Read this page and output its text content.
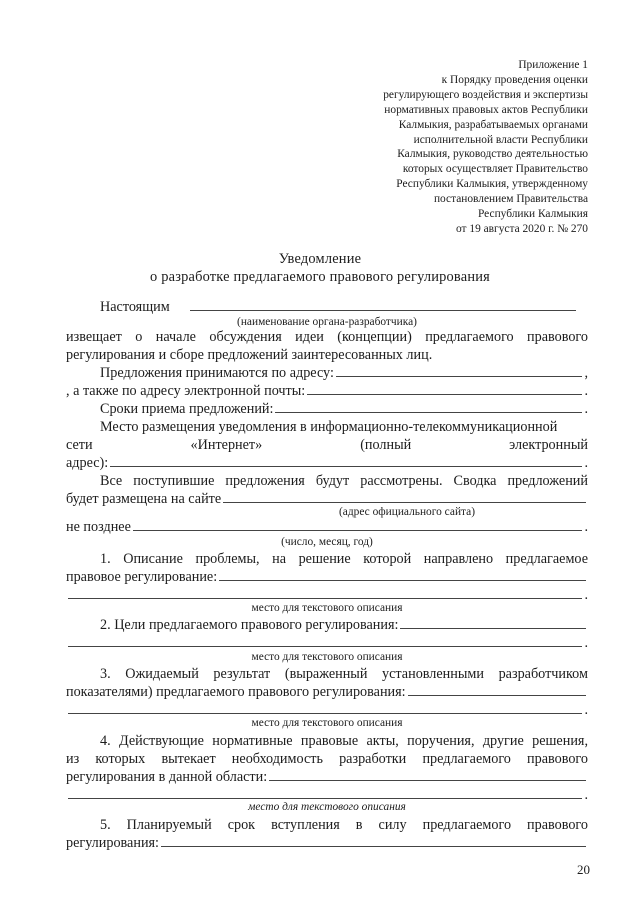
Приложение 1
к Порядку проведения оценки
регулирующего воздействия и экспертизы
нормативных правовых актов Республики
Калмыкия, разрабатываемых органами
исполнительной власти Республики
Калмыкия, руководство деятельностью
которых осуществляет Правительство
Республики Калмыкия, утвержденному
постановлением Правительства
Республики Калмыкия
от 19 августа 2020 г. № 270
Уведомление
о разработке предлагаемого правового регулирования
Настоящим
(наименование органа-разработчика)
извещает о начале обсуждения идеи (концепции) предлагаемого правового
регулирования и сборе предложений заинтересованных лиц.
Предложения принимаются по адресу:	,
, а также по адресу электронной почты:	.
Сроки приема предложений:	.
Место размещения уведомления в информационно-телекоммуникационной
сети	«Интернет»	(полный	электронный
адрес):	.
Все поступившие предложения будут рассмотрены. Сводка предложений
будет размещена на сайте
(адрес официального сайта)
не позднее	.
(число, месяц, год)
1. Описание проблемы, на решение которой направлено предлагаемое
правовое регулирование:
.
место для текстового описания
2. Цели предлагаемого правового регулирования:
.
место для текстового описания
3. Ожидаемый результат (выраженный установленными разработчиком
показателями) предлагаемого правового регулирования:
.
место для текстового описания
4. Действующие нормативные правовые акты, поручения, другие решения,
из которых вытекает необходимость разработки предлагаемого правового
регулирования в данной области:
.
место для текстового описания
5. Планируемый срок вступления в силу предлагаемого правового
регулирования:
20
